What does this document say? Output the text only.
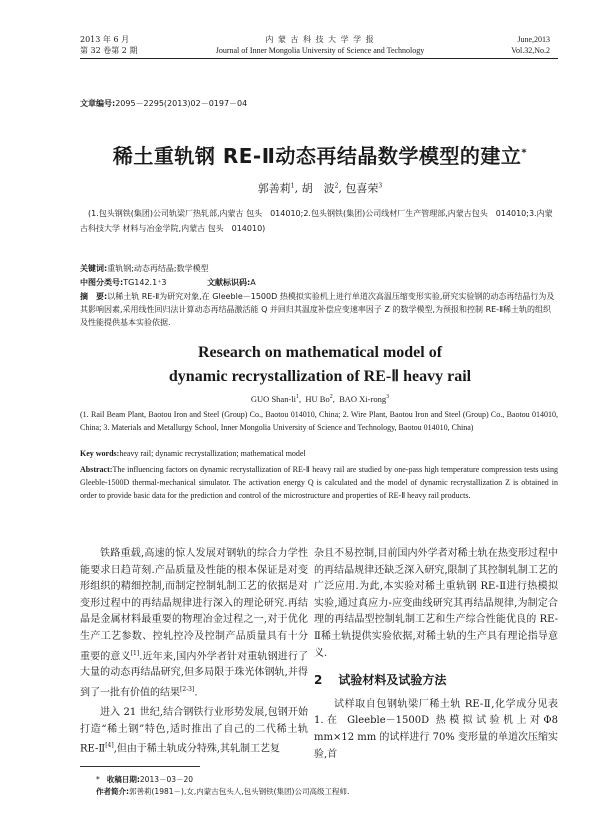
2013 年 6 月
第 32 卷第 2 期
内 蒙 古 科 技 大 学 学 报
Journal of Inner Mongolia University of Science and Technology
June,2013
Vol.32,No.2
文章编号:2095－2295(2013)02－0197－04
稀土重轨钢 RE-Ⅱ动态再结晶数学模型的建立*
郭善莉$^1$, 胡　波$^2$, 包喜荣$^3$
(1.包头钢铁(集团)公司轨梁厂热轧部,内蒙古 包头　014010;2.包头钢铁(集团)公司线材厂生产管理部,内蒙古包头　014010;3.内蒙古科技大学 材料与冶金学院,内蒙古 包头　014010)
关键词:重轨钢;动态再结晶;数学模型
中图分类号:TG142.1⁺3	文献标识码:A
摘　要:以稀土轨 RE-Ⅱ为研究对象,在 Gleeble－1500D 热模拟实验机上进行单道次高温压缩变形实验,研究实验钢的动态再结晶行为及其影响因素,采用线性回归法计算动态再结晶激活能 Q 并回归其温度补偿应变速率因子 Z 的数学模型,为预报和控制 RE-Ⅱ稀土轨的组织及性能提供基本实验依据.
Research on mathematical model of
dynamic recrystallization of RE-Ⅱ heavy rail
GUO Shan-$li^1$,  HU Bo$^2$,  BAO Xi-rong$^3$
(1. Rail Beam Plant, Baotou Iron and Steel (Group) Co., Baotou 014010, China; 2. Wire Plant, Baotou Iron and Steel (Group) Co., Baotou 014010, China; 3. Materials and Metallurgy School, Inner Mongolia University of Science and Technology, Baotou 014010, China)
Key words:heavy rail; dynamic recrystallization; mathematical model
Abstract:The influencing factors on dynamic recrystallization of RE-Ⅱ heavy rail are studied by one-pass high temperature compression tests using Gleeble-1500D thermal-mechanical simulator. The activation energy Q is calculated and the model of dynamic recrystallization Z is obtained in order to provide basic data for the prediction and control of the microstructure and properties of RE-Ⅱ heavy rail products.

铁路重载,高速的惊人发展对钢轨的综合力学性能要求日趋苛刻.产品质量及性能的根本保证是对变形组织的精细控制,而制定控制轧制工艺的依据是对变形过程中的再结晶规律进行深入的理论研究.再结晶是金属材料最重要的物理冶金过程之一,对于优化生产工艺参数、控轧控冷及控制产品质量具有十分重要的意义[1].近年来,国内外学者针对重轨钢进行了大量的动态再结晶研究,但多局限于珠光体钢轨,并得到了一批有价值的结果[2-3].

进入 21 世纪,结合钢铁行业形势发展,包钢开始打造“稀土钢”特色,适时推出了自己的二代稀土轨 RE-Ⅱ[4],但由于稀土轨成分特殊,其轧制工艺复

杂且不易控制,目前国内外学者对稀土轨在热变形过程中的再结晶规律还缺乏深入研究,限制了其控制轧制工艺的广泛应用.为此,本实验对稀土重轨钢 RE-Ⅱ进行热模拟实验,通过真应力-应变曲线研究其再结晶规律,为制定合理的再结晶型控制轧制工艺和生产综合性能优良的 RE-Ⅱ稀土轨提供实验依据,对稀土轨的生产具有理论指导意义.

2 试验材料及试验方法

试样取自包钢轨梁厂稀土轨 RE-Ⅱ,化学成分见表 1.在 Gleeble－1500D 热模拟试验机上对Φ8 mm×12 mm 的试样进行 70% 变形量的单道次压缩实验,首

* 收稿日期:2013－03－20
作者简介:郭善莉(1981－),女,内蒙古包头人,包头钢铁(集团)公司高级工程师.
